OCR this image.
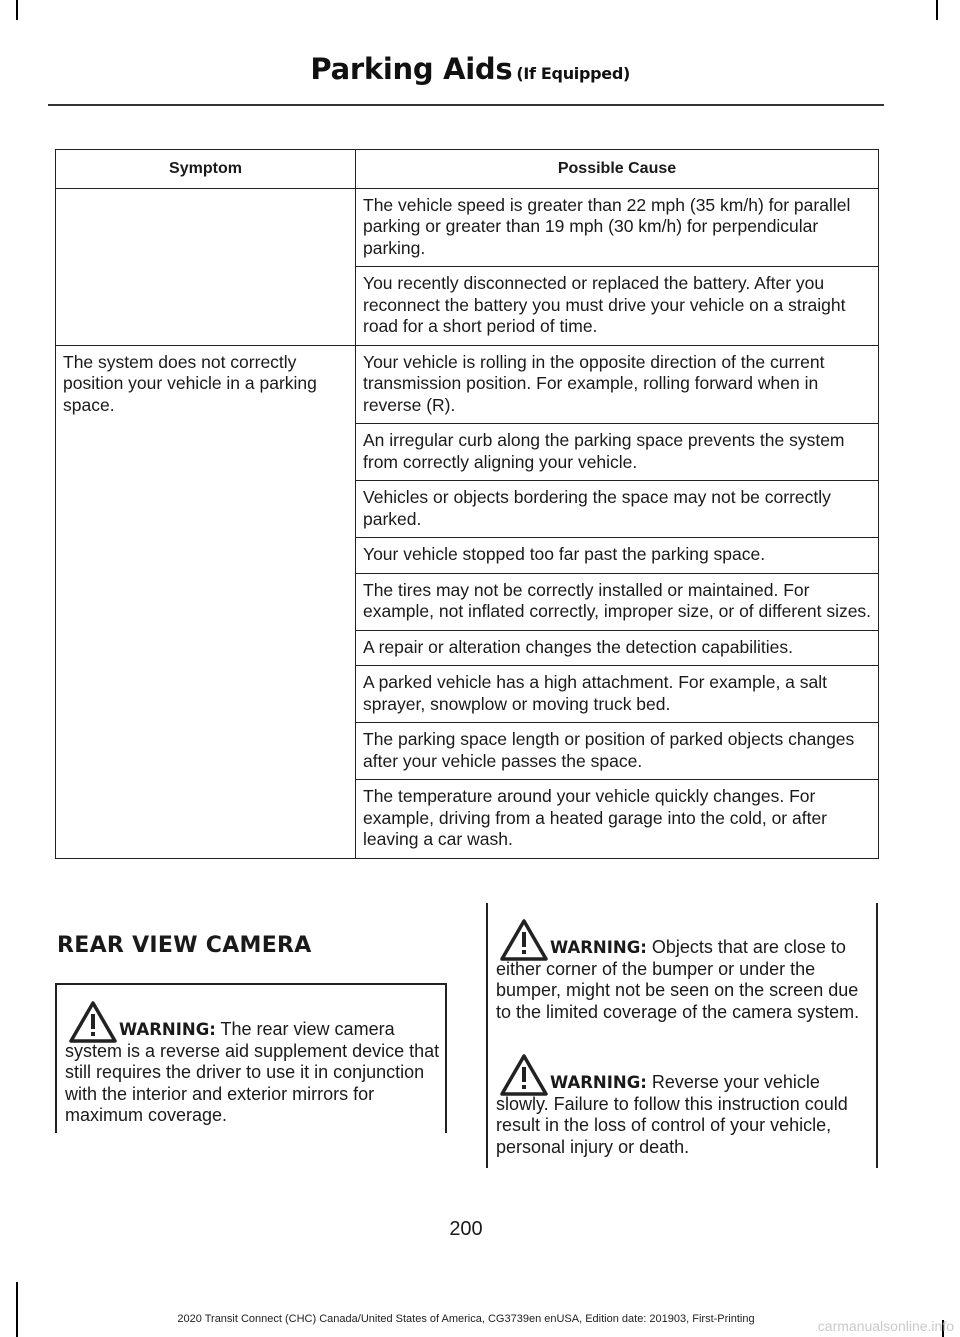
Parking Aids (If Equipped)
Symptom	Possible Cause
	The vehicle speed is greater than 22 mph (35 km/h) for parallel parking or greater than 19 mph (30 km/h) for perpendicular parking.
	You recently disconnected or replaced the battery. After you reconnect the battery you must drive your vehicle on a straight road for a short period of time.
The system does not correctly position your vehicle in a parking space.	Your vehicle is rolling in the opposite direction of the current transmission position. For example, rolling forward when in reverse (R).
	An irregular curb along the parking space prevents the system from correctly aligning your vehicle.
	Vehicles or objects bordering the space may not be correctly parked.
	Your vehicle stopped too far past the parking space.
	The tires may not be correctly installed or maintained. For example, not inflated correctly, improper size, or of different sizes.
	A repair or alteration changes the detection capabilities.
	A parked vehicle has a high attachment. For example, a salt sprayer, snowplow or moving truck bed.
	The parking space length or position of parked objects changes after your vehicle passes the space.
	The temperature around your vehicle quickly changes. For example, driving from a heated garage into the cold, or after leaving a car wash.
REAR VIEW CAMERA

WARNING: The rear view camera system is a reverse aid supplement device that still requires the driver to use it in conjunction with the interior and exterior mirrors for maximum coverage.

WARNING: Objects that are close to either corner of the bumper or under the bumper, might not be seen on the screen due to the limited coverage of the camera system.

WARNING: Reverse your vehicle slowly. Failure to follow this instruction could result in the loss of control of your vehicle, personal injury or death.

200
2020 Transit Connect (CHC) Canada/United States of America, CG3739en enUSA, Edition date: 201903, First-Printing	carmanualsonline.info
